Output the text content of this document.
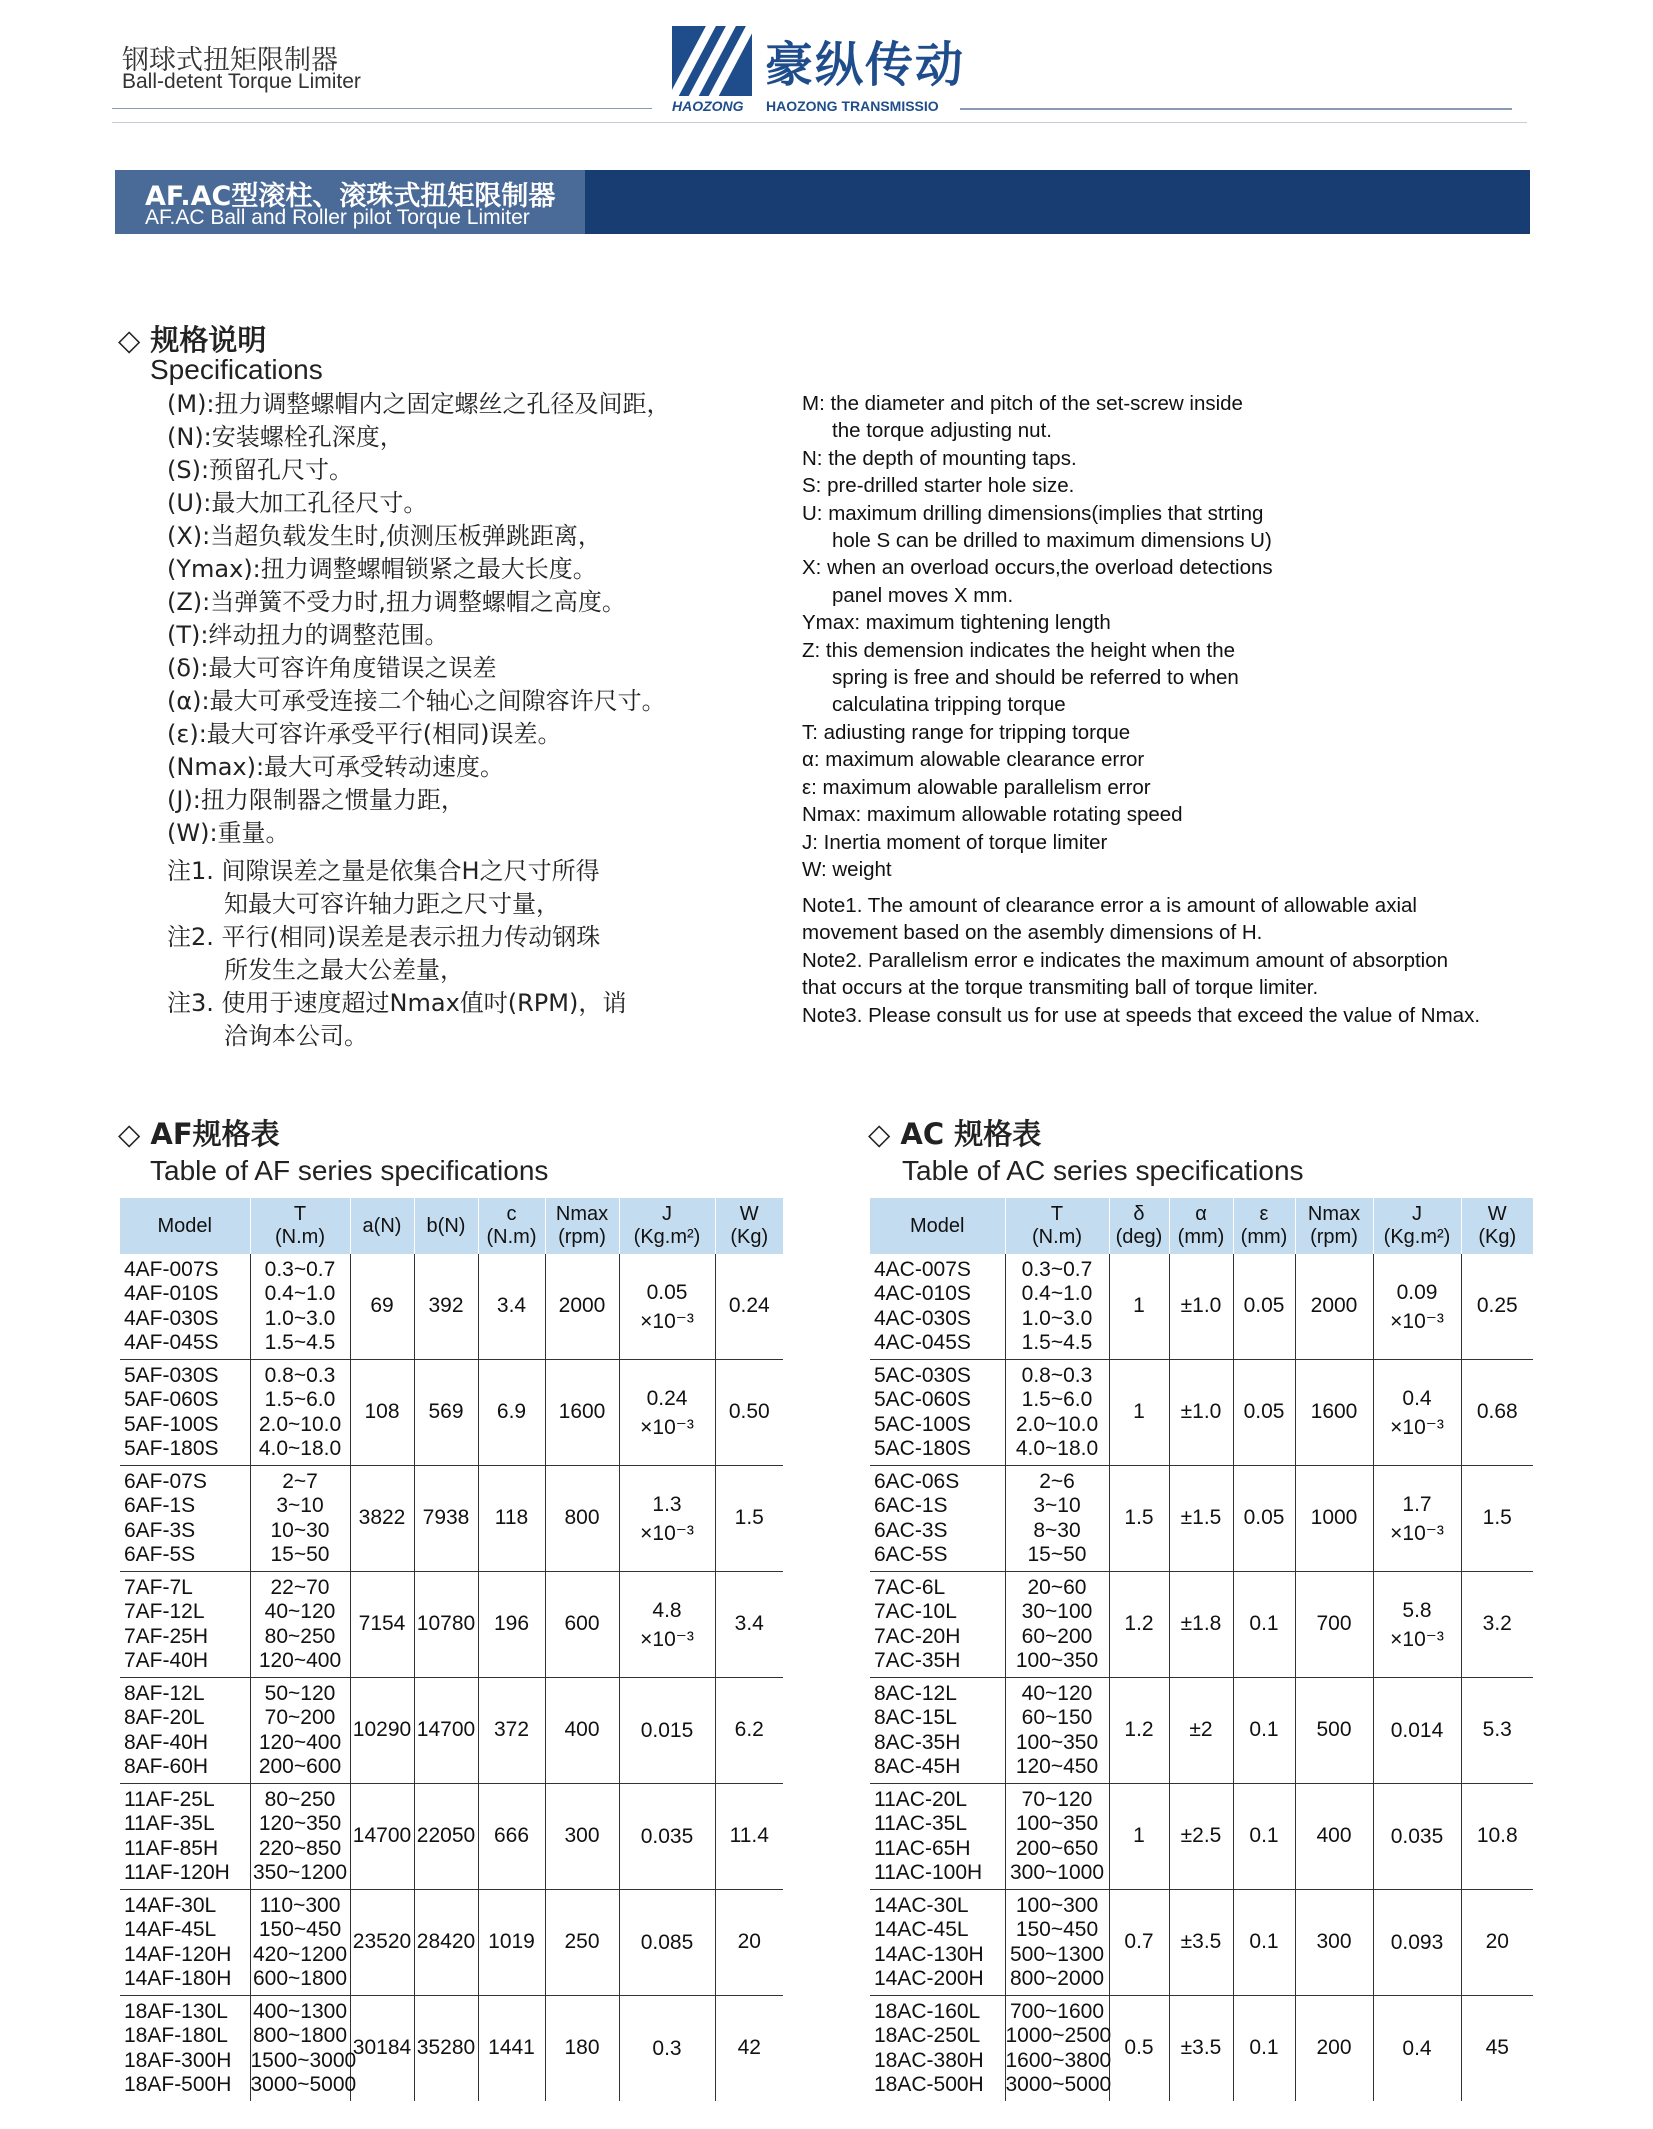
钢球式扭矩限制器
Ball-detent Torque Limiter	豪纵传动
HAOZONG HAOZONG TRANSMISSIO
AF.AC型滚柱、滚珠式扭矩限制器
AF.AC Ball and Roller pilot Torque Limiter
◇ 规格说明
Specifications
(M):扭力调整螺帽内之固定螺丝之孔径及间距，
(N):安装螺栓孔深度，
(S):预留孔尺寸。
(U):最大加工孔径尺寸。
(X):当超负载发生时,侦测压板弹跳距离，
(Ymax):扭力调整螺帽锁紧之最大长度。
(Z):当弹簧不受力时,扭力调整螺帽之高度。
(T):绊动扭力的调整范围。
(δ):最大可容许角度错误之误差
(α):最大可承受连接二个轴心之间隙容许尺寸。
(ε):最大可容许承受平行(相同)误差。
(Nmax):最大可承受转动速度。
(J):扭力限制器之惯量力距，
(W):重量。
注1. 间隙误差之量是依集合H之尺寸所得
知最大可容许轴力距之尺寸量，
注2. 平行(相同)误差是表示扭力传动钢珠
所发生之最大公差量，
注3. 使用于速度超过Nmax值吋(RPM)，诮
洽询本公司。
M: the diameter and pitch of the set-screw inside
the torque adjusting nut.
N: the depth of mounting taps.
S: pre-drilled starter hole size.
U: maximum drilling dimensions(implies that strting
hole S can be drilled to maximum dimensions U)
X: when an overload occurs,the overload detections
panel moves X mm.
Ymax: maximum tightening length
Z: this demension indicates the height when the
spring is free and should be referred to when
calculatina tripping torque
T: adiusting range for tripping torque
α: maximum alowable clearance error
ε: maximum alowable parallelism error
Nmax: maximum allowable rotating speed
J: Inertia moment of torque limiter
W: weight
Note1. The amount of clearance error a is amount of allowable axial
movement based on the asembly dimensions of H.
Note2. Parallelism error e indicates the maximum amount of absorption
that occurs at the torque transmiting ball of torque limiter.
Note3. Please consult us for use at speeds that exceed the value of Nmax.
◇ AF规格表
Table of AF series specifications
Model	T
(N.m)	a(N)	b(N)	c
(N.m)	Nmax
(rpm)	J
(Kg.m²)	W
(Kg)
4AF-007S
4AF-010S
4AF-030S
4AF-045S	0.3~0.7
0.4~1.0
1.0~3.0
1.5~4.5	69	392	3.4	2000	0.05
×10⁻³	0.24
5AF-030S
5AF-060S
5AF-100S
5AF-180S	0.8~0.3
1.5~6.0
2.0~10.0
4.0~18.0	108	569	6.9	1600	0.24
×10⁻³	0.50
6AF-07S
6AF-1S
6AF-3S
6AF-5S	2~7
3~10
10~30
15~50	3822	7938	118	800	1.3
×10⁻³	1.5
7AF-7L
7AF-12L
7AF-25H
7AF-40H	22~70
40~120
80~250
120~400	7154	10780	196	600	4.8
×10⁻³	3.4
8AF-12L
8AF-20L
8AF-40H
8AF-60H	50~120
70~200
120~400
200~600	10290	14700	372	400	0.015	6.2
11AF-25L
11AF-35L
11AF-85H
11AF-120H	80~250
120~350
220~850
350~1200	14700	22050	666	300	0.035	11.4
14AF-30L
14AF-45L
14AF-120H
14AF-180H	110~300
150~450
420~1200
600~1800	23520	28420	1019	250	0.085	20
18AF-130L
18AF-180L
18AF-300H
18AF-500H	400~1300
800~1800
1500~3000
3000~5000	30184	35280	1441	180	0.3	42
◇ AC 规格表
Table of AC series specifications
Model	T
(N.m)	δ
(deg)	α
(mm)	ε
(mm)	Nmax
(rpm)	J
(Kg.m²)	W
(Kg)
4AC-007S
4AC-010S
4AC-030S
4AC-045S	0.3~0.7
0.4~1.0
1.0~3.0
1.5~4.5	1	±1.0	0.05	2000	0.09
×10⁻³	0.25
5AC-030S
5AC-060S
5AC-100S
5AC-180S	0.8~0.3
1.5~6.0
2.0~10.0
4.0~18.0	1	±1.0	0.05	1600	0.4
×10⁻³	0.68
6AC-06S
6AC-1S
6AC-3S
6AC-5S	2~6
3~10
8~30
15~50	1.5	±1.5	0.05	1000	1.7
×10⁻³	1.5
7AC-6L
7AC-10L
7AC-20H
7AC-35H	20~60
30~100
60~200
100~350	1.2	±1.8	0.1	700	5.8
×10⁻³	3.2
8AC-12L
8AC-15L
8AC-35H
8AC-45H	40~120
60~150
100~350
120~450	1.2	±2	0.1	500	0.014	5.3
11AC-20L
11AC-35L
11AC-65H
11AC-100H	70~120
100~350
200~650
300~1000	1	±2.5	0.1	400	0.035	10.8
14AC-30L
14AC-45L
14AC-130H
14AC-200H	100~300
150~450
500~1300
800~2000	0.7	±3.5	0.1	300	0.093	20
18AC-160L
18AC-250L
18AC-380H
18AC-500H	700~1600
1000~2500
1600~3800
3000~5000	0.5	±3.5	0.1	200	0.4	45
